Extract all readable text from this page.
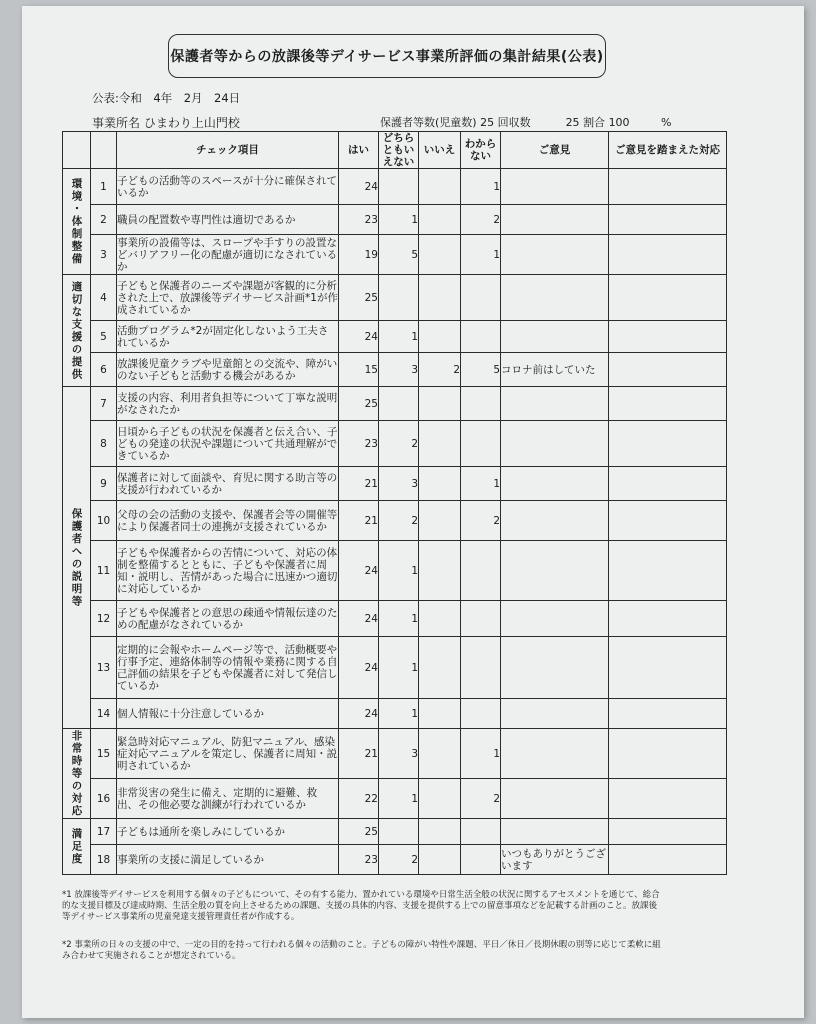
保護者等からの放課後等デイサービス事業所評価の集計結果(公表)
公表:令和　4年　2月　24日
事業所名 ひまわり上山門校	保護者等数(児童数) 25 回収数	25 割合 100	%
		チェック項目	はい	どちらともいえない	いいえ	わからない	ご意見	ご意見を踏まえた対応
環境・体制整備	1	子どもの活動等のスペースが十分に確保されているか	24			1		
	2	職員の配置数や専門性は適切であるか	23	1		2		
	3	事業所の設備等は、スロープや手すりの設置などバリアフリー化の配慮が適切になされているか	19	5		1		
適切な支援の提供	4	子どもと保護者のニーズや課題が客観的に分析された上で、放課後等デイサービス計画*1が作成されているか	25					
	5	活動プログラム*2が固定化しないよう工夫されているか	24	1				
	6	放課後児童クラブや児童館との交流や、障がいのない子どもと活動する機会があるか	15	3	2	5	コロナ前はしていた	
保護者への説明等	7	支援の内容、利用者負担等について丁寧な説明がなされたか	25					
	8	日頃から子どもの状況を保護者と伝え合い、子どもの発達の状況や課題について共通理解ができているか	23	2				
	9	保護者に対して面談や、育児に関する助言等の支援が行われているか	21	3		1		
	10	父母の会の活動の支援や、保護者会等の開催等により保護者同士の連携が支援されているか	21	2		2		
	11	子どもや保護者からの苦情について、対応の体制を整備するとともに、子どもや保護者に周知・説明し、苦情があった場合に迅速かつ適切に対応しているか	24	1				
	12	子どもや保護者との意思の疎通や情報伝達のための配慮がなされているか	24	1				
	13	定期的に会報やホームページ等で、活動概要や行事予定、連絡体制等の情報や業務に関する自己評価の結果を子どもや保護者に対して発信しているか	24	1				
	14	個人情報に十分注意しているか	24	1				
非常時等の対応	15	緊急時対応マニュアル、防犯マニュアル、感染症対応マニュアルを策定し、保護者に周知・説明されているか	21	3		1		
	16	非常災害の発生に備え、定期的に避難、救出、その他必要な訓練が行われているか	22	1		2		
満足度	17	子どもは通所を楽しみにしているか	25					
	18	事業所の支援に満足しているか	23	2			いつもありがとうございます	
*1 放課後等デイサービスを利用する個々の子どもについて、その有する能力、置かれている環境や日常生活全般の状況に関するアセスメントを通じて、総合的な支援目標及び達成時期、生活全般の質を向上させるための課題、支援の具体的内容、支援を提供する上での留意事項などを記載する計画のこと。放課後等デイサービス事業所の児童発達支援管理責任者が作成する。
*2 事業所の日々の支援の中で、一定の目的を持って行われる個々の活動のこと。子どもの障がい特性や課題、平日／休日／長期休暇の別等に応じて柔軟に組み合わせて実施されることが想定されている。
